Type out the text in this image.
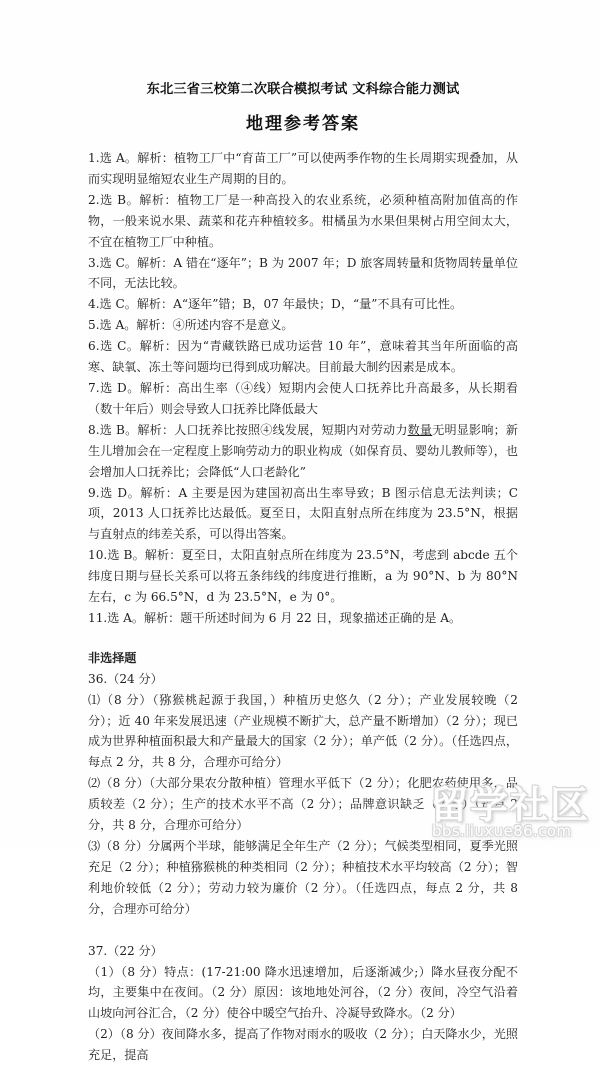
东北三省三校第二次联合模拟考试 文科综合能力测试
地理参考答案

1.选 A。解析：植物工厂中“育苗工厂”可以使两季作物的生长周期实现叠加，从而实现明显缩短农业生产周期的目的。

2.选 B。解析：植物工厂是一种高投入的农业系统，必须种植高附加值高的作物，一般来说水果、蔬菜和花卉种植较多。柑橘虽为水果但果树占用空间太大，不宜在植物工厂中种植。

3.选 C。解析：A 错在“逐年”；B 为 2007 年；D 旅客周转量和货物周转量单位不同，无法比较。

4.选 C。解析：A“逐年”错；B，07 年最快；D，“量”不具有可比性。

5.选 A。解析：④所述内容不是意义。

6.选 C。解析：因为“青藏铁路已成功运营 10 年”，意味着其当年所面临的高寒、缺氧、冻土等问题均已得到成功解决。目前最大制约因素是成本。

7.选 D。解析：高出生率（④线）短期内会使人口抚养比升高最多，从长期看（数十年后）则会导致人口抚养比降低最大

8.选 B。解析：人口抚养比按照④线发展，短期内对劳动力数量无明显影响；新生儿增加会在一定程度上影响劳动力的职业构成（如保育员、婴幼儿教师等），也会增加人口抚养比；会降低“人口老龄化”

9.选 D。解析：A 主要是因为建国初高出生率导致；B 图示信息无法判读；C 项，2013 人口抚养比达最低。夏至日，太阳直射点所在纬度为 23.5°N，根据与直射点的纬差关系，可以得出答案。

10.选 B。解析：夏至日，太阳直射点所在纬度为 23.5°N，考虑到 abcde 五个纬度日期与昼长关系可以将五条纬线的纬度进行推断，a 为 90°N、b 为 80°N 左右，c 为 66.5°N，d 为 23.5°N，e 为 0°。

11.选 A。解析：题干所述时间为 6 月 22 日，现象描述正确的是 A。

非选择题

36.（24 分）

⑴（8 分）（猕猴桃起源于我国，）种植历史悠久（2 分）；产业发展较晚（2 分）；近 40 年来发展迅速（产业规模不断扩大，总产量不断增加）（2 分）；现已成为世界种植面积最大和产量最大的国家（2 分）；单产低（2 分）。（任选四点，每点 2 分，共 8 分，合理亦可给分）

⑵（8 分）（大部分果农分散种植）管理水平低下（2 分）；化肥农药使用多，品质较差（2 分）；生产的技术水平不高（2 分）；品牌意识缺乏（2 分）（每点 2 分，共 8 分，合理亦可给分）

⑶（8 分）分属两个半球，能够满足全年生产（2 分）；气候类型相同，夏季光照充足（2 分）；种植猕猴桃的种类相同（2 分）；种植技术水平均较高（2 分）；智利地价较低（2 分）；劳动力较为廉价（2 分）。（任选四点，每点 2 分，共 8 分，合理亦可给分）

37.（22 分）

（1）（8 分）特点：(17-21:00 降水迅速增加，后逐渐减少;）降水昼夜分配不均，主要集中在夜间。（2 分）原因：该地地处河谷，（2 分）夜间，冷空气沿着山坡向河谷汇合，（2 分）使谷中暖空气抬升、冷凝导致降水。（2 分）

（2）（8 分）夜间降水多，提高了作物对雨水的吸收（2 分）；白天降水少，光照充足，提高

留学社区
bbs.liuxue86.com
